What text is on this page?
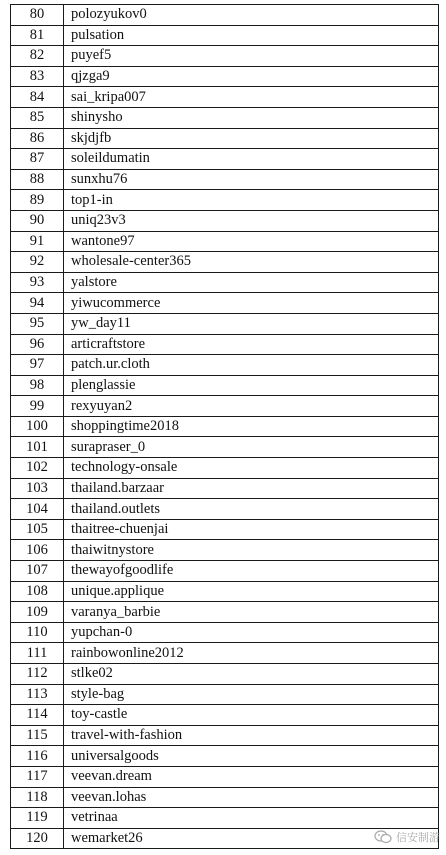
80	polozyukov0
81	pulsation
82	puyef5
83	qjzga9
84	sai_kripa007
85	shinysho
86	skjdjfb
87	soleildumatin
88	sunxhu76
89	top1-in
90	uniq23v3
91	wantone97
92	wholesale-center365
93	yalstore
94	yiwucommerce
95	yw_day11
96	articraftstore
97	patch.ur.cloth
98	plenglassie
99	rexyuyan2
100	shoppingtime2018
101	surapraser_0
102	technology-onsale
103	thailand.barzaar
104	thailand.outlets
105	thaitree-chuenjai
106	thaiwitnystore
107	thewayofgoodlife
108	unique.applique
109	varanya_barbie
110	yupchan-0
111	rainbowonline2012
112	stlke02
113	style-bag
114	toy-castle
115	travel-with-fashion
116	universalgoods
117	veevan.dream
118	veevan.lohas
119	vetrinaa
120	wemarket26	信安制游
